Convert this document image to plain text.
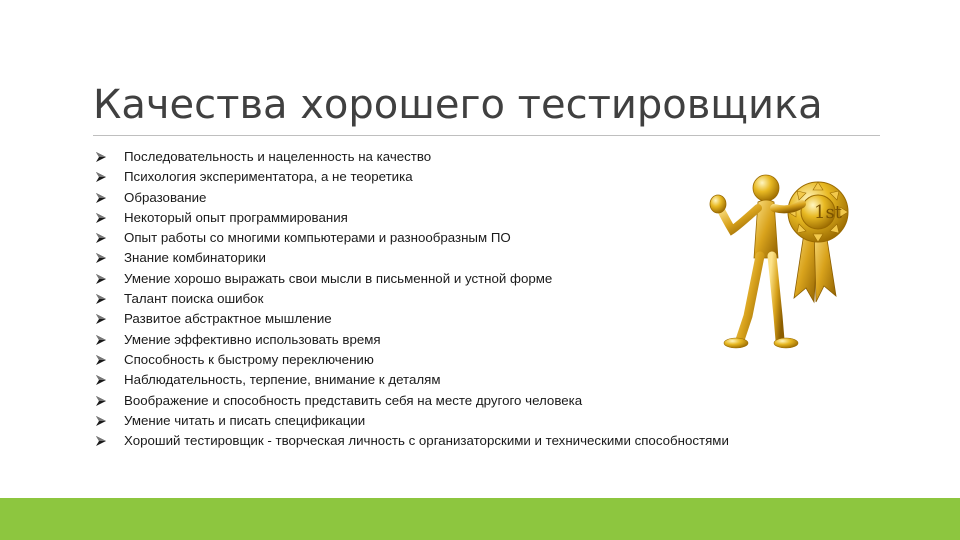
Качества хорошего тестировщика
Последовательность и нацеленность на качество
Психология экспериментатора, а не теоретика
Образование
Некоторый опыт программирования
Опыт работы со многими компьютерами и разнообразным ПО
Знание комбинаторики
Умение хорошо выражать свои мысли в письменной и устной форме
Талант поиска ошибок
Развитое абстрактное мышление
Умение эффективно использовать время
Способность к быстрому переключению
Наблюдательность, терпение, внимание к деталям
Воображение и способность представить себя на месте другого человека
Умение читать и писать спецификации
Хороший тестировщик - творческая личность с организаторскими и техническими способностями
1st
